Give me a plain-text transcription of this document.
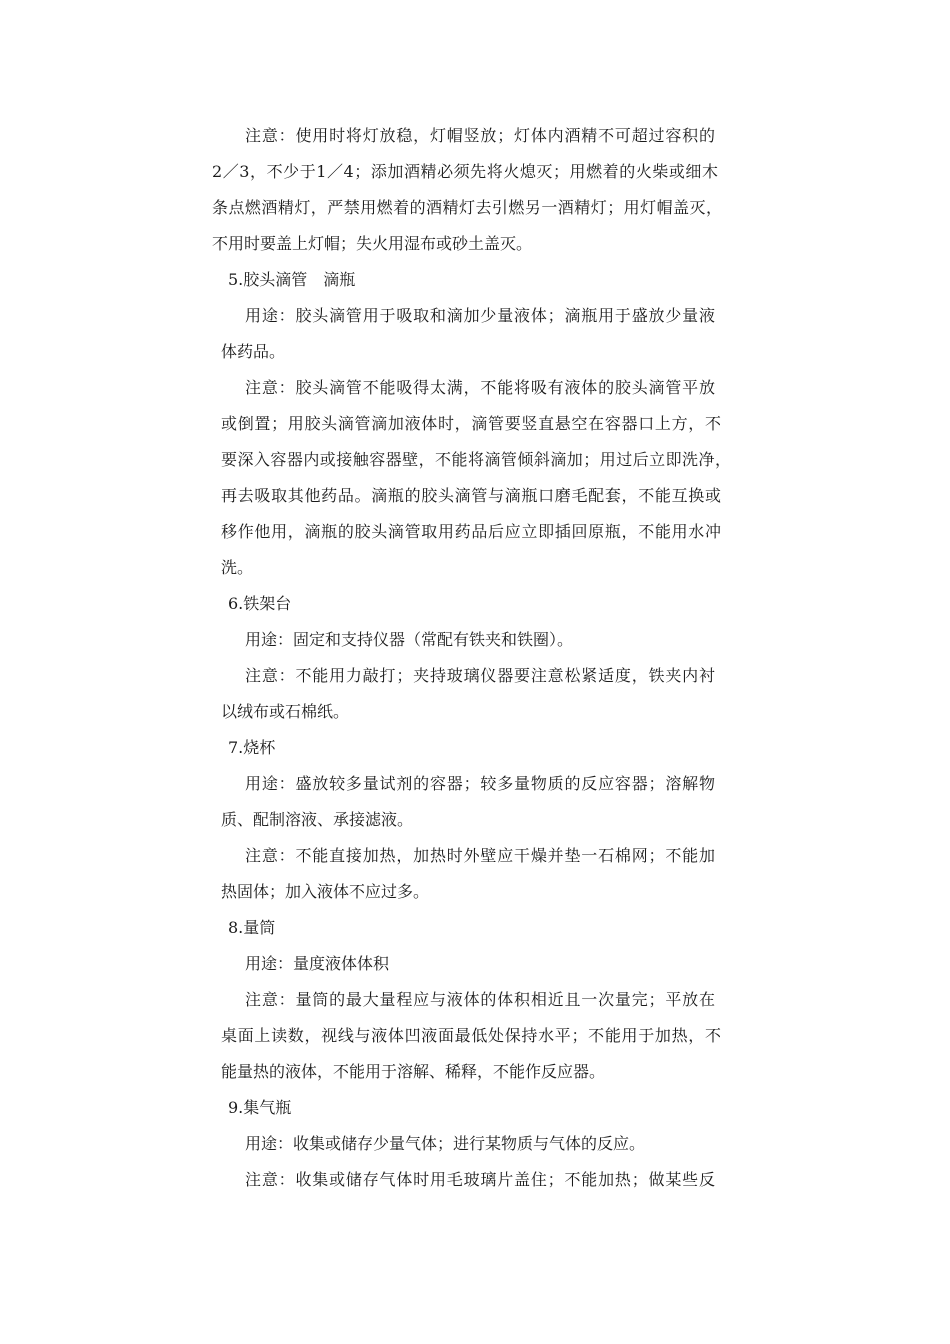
注意：使用时将灯放稳，灯帽竖放；灯体内酒精不可超过容积的
2／3，不少于1／4；添加酒精必须先将火熄灭；用燃着的火柴或细木
条点燃酒精灯，严禁用燃着的酒精灯去引燃另一酒精灯；用灯帽盖灭，
不用时要盖上灯帽；失火用湿布或砂土盖灭。
5.胶头滴管　滴瓶
用途：胶头滴管用于吸取和滴加少量液体；滴瓶用于盛放少量液
体药品。
注意：胶头滴管不能吸得太满，不能将吸有液体的胶头滴管平放
或倒置；用胶头滴管滴加液体时，滴管要竖直悬空在容器口上方，不
要深入容器内或接触容器壁，不能将滴管倾斜滴加；用过后立即洗净，
再去吸取其他药品。滴瓶的胶头滴管与滴瓶口磨毛配套，不能互换或
移作他用，滴瓶的胶头滴管取用药品后应立即插回原瓶，不能用水冲
洗。
6.铁架台
用途：固定和支持仪器（常配有铁夹和铁圈）。
注意：不能用力敲打；夹持玻璃仪器要注意松紧适度，铁夹内衬
以绒布或石棉纸。
7.烧杯
用途：盛放较多量试剂的容器；较多量物质的反应容器；溶解物
质、配制溶液、承接滤液。
注意：不能直接加热，加热时外壁应干燥并垫一石棉网；不能加
热固体；加入液体不应过多。
8.量筒
用途：量度液体体积
注意：量筒的最大量程应与液体的体积相近且一次量完；平放在
桌面上读数，视线与液体凹液面最低处保持水平；不能用于加热，不
能量热的液体，不能用于溶解、稀释，不能作反应器。
9.集气瓶
用途：收集或储存少量气体；进行某物质与气体的反应。
注意：收集或储存气体时用毛玻璃片盖住；不能加热；做某些反
